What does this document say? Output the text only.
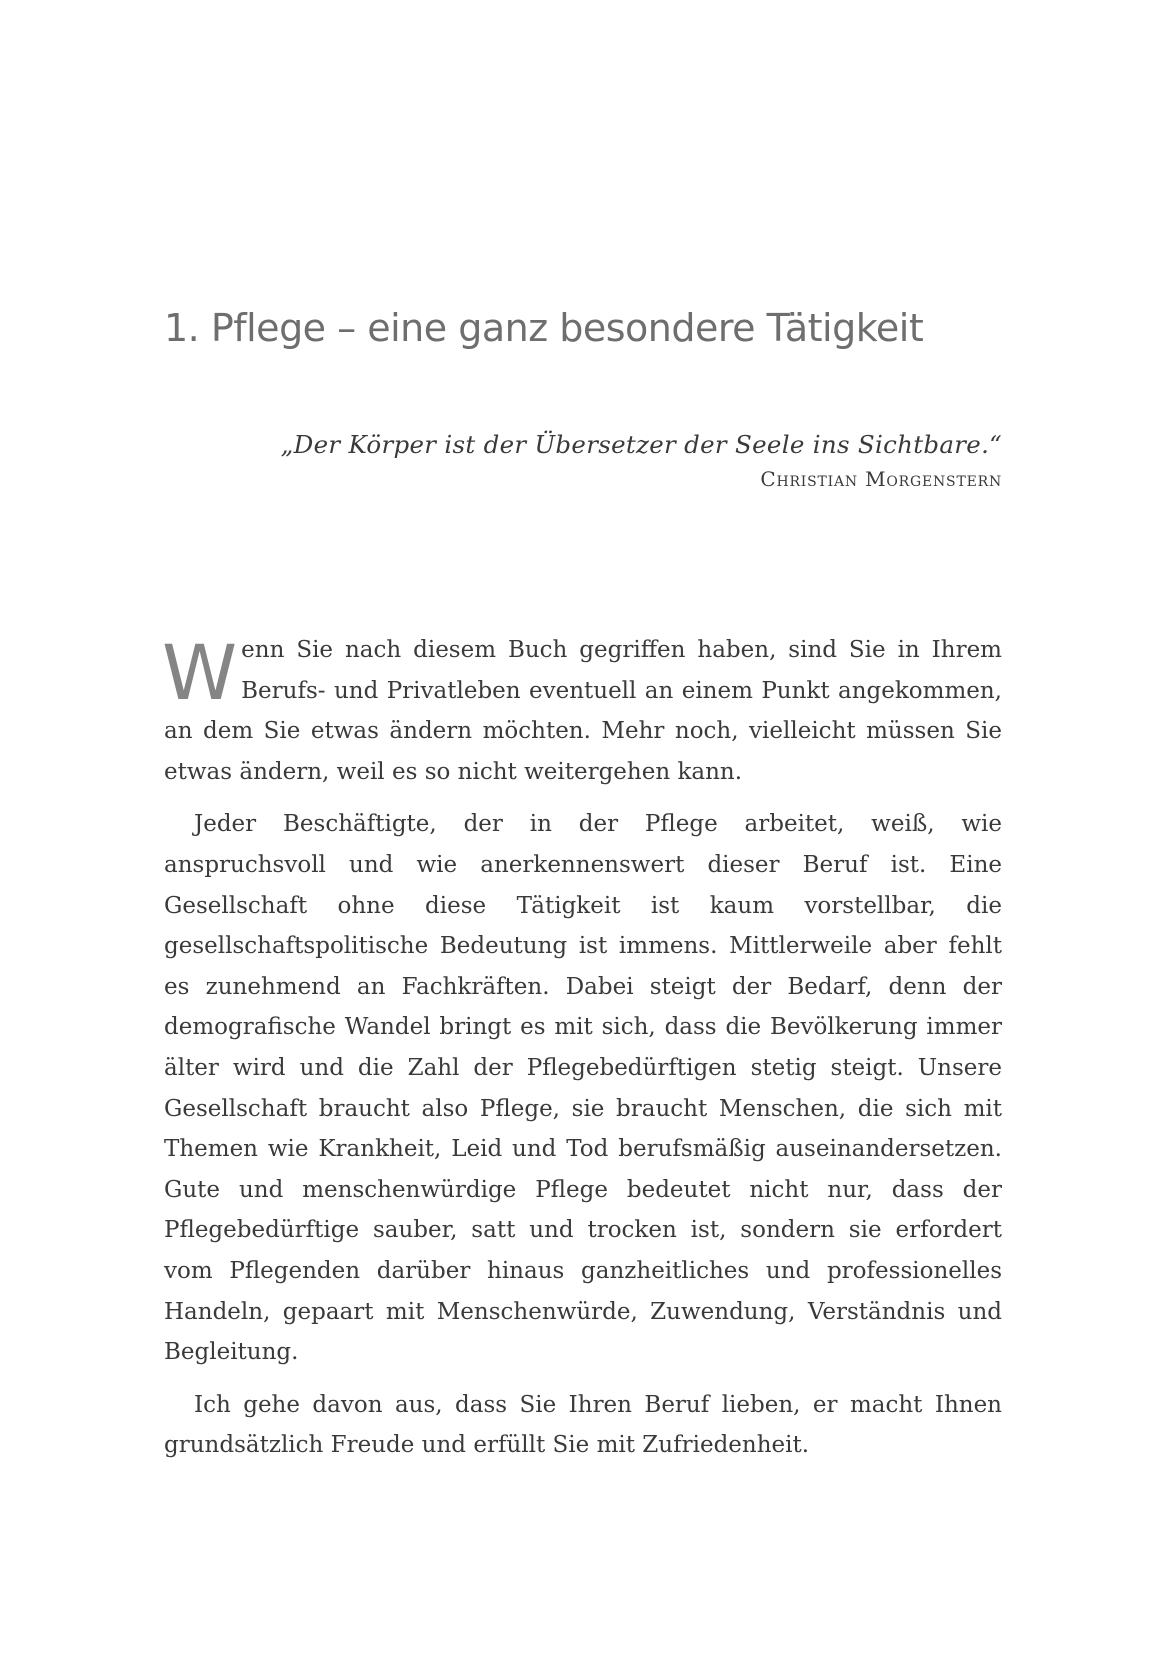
1. Pflege – eine ganz besondere Tätigkeit
„Der Körper ist der Übersetzer der Seele ins Sichtbare.“
Christian Morgenstern

Wenn Sie nach diesem Buch gegriffen haben, sind Sie in Ihrem Berufs- und Privatleben eventuell an einem Punkt angekommen, an dem Sie etwas ändern möchten. Mehr noch, vielleicht müssen Sie etwas ändern, weil es so nicht weitergehen kann.

Jeder Beschäftigte, der in der Pflege arbeitet, weiß, wie anspruchsvoll und wie anerkennenswert dieser Beruf ist. Eine Gesellschaft ohne diese Tätigkeit ist kaum vorstellbar, die gesellschaftspolitische Bedeutung ist immens. Mittlerweile aber fehlt es zunehmend an Fachkräften. Dabei steigt der Bedarf, denn der demografische Wandel bringt es mit sich, dass die Bevölkerung immer älter wird und die Zahl der Pflegebedürftigen stetig steigt. Unsere Gesellschaft braucht also Pflege, sie braucht Menschen, die sich mit Themen wie Krankheit, Leid und Tod berufsmäßig auseinandersetzen. Gute und menschenwürdige Pflege bedeutet nicht nur, dass der Pflegebedürftige sauber, satt und trocken ist, sondern sie erfordert vom Pflegenden darüber hinaus ganzheitliches und professionelles Handeln, gepaart mit Menschenwürde, Zuwendung, Verständnis und Begleitung.

Ich gehe davon aus, dass Sie Ihren Beruf lieben, er macht Ihnen grundsätzlich Freude und erfüllt Sie mit Zufriedenheit.
